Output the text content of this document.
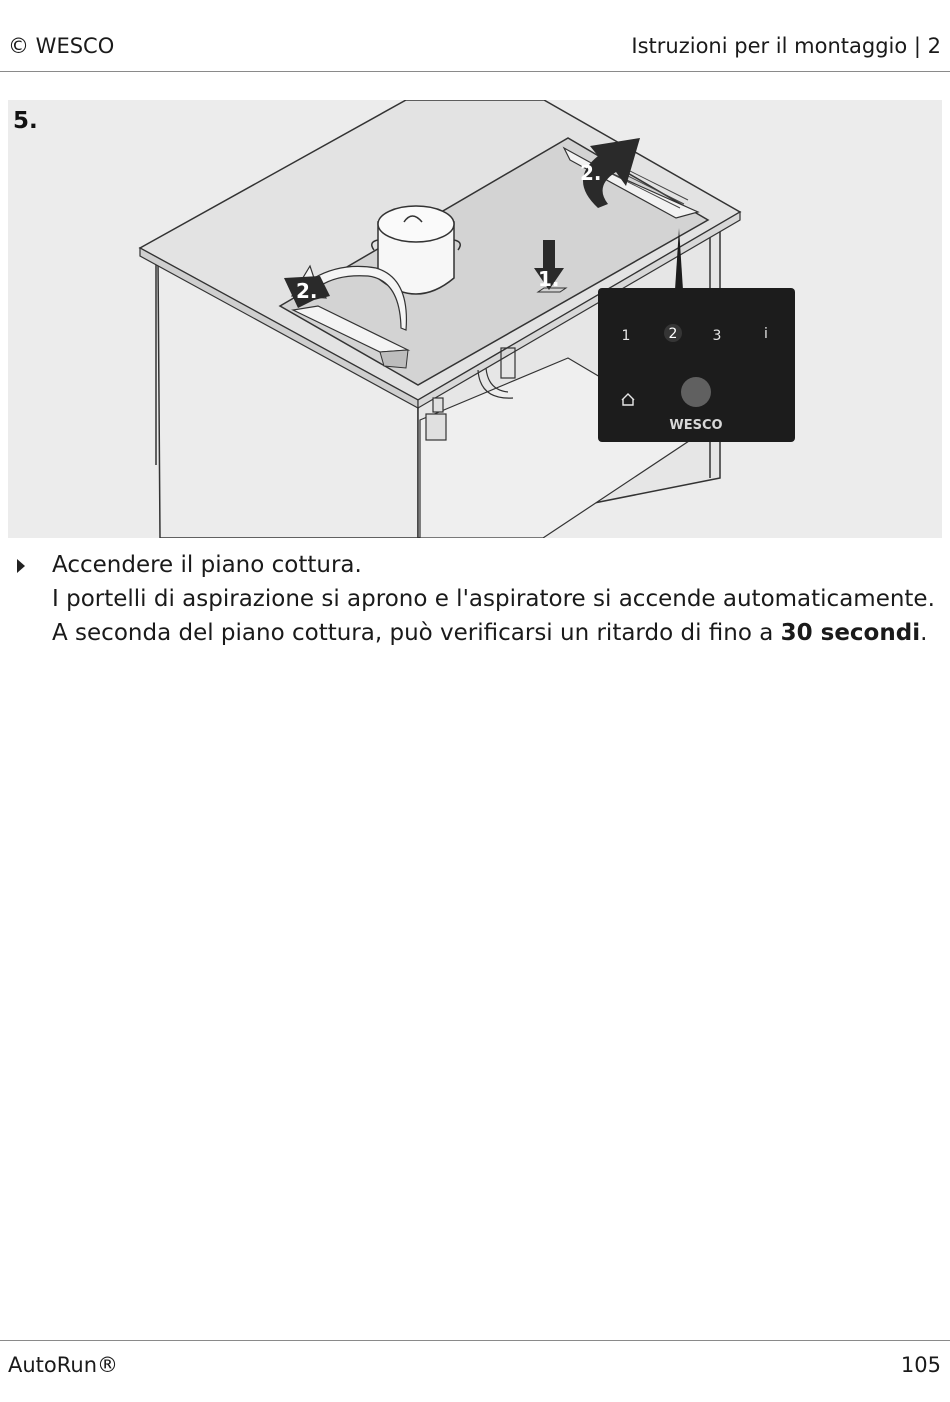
© WESCO	Istruzioni per il montaggio | 2
1.
2.
2.
1	2	3	i
WESCO
5.
Accendere il piano cottura.
I portelli di aspirazione si aprono e l'aspiratore si accende automaticamente.
A seconda del piano cottura, può verificarsi un ritardo di fino a 30 secondi.
AutoRun®	105
